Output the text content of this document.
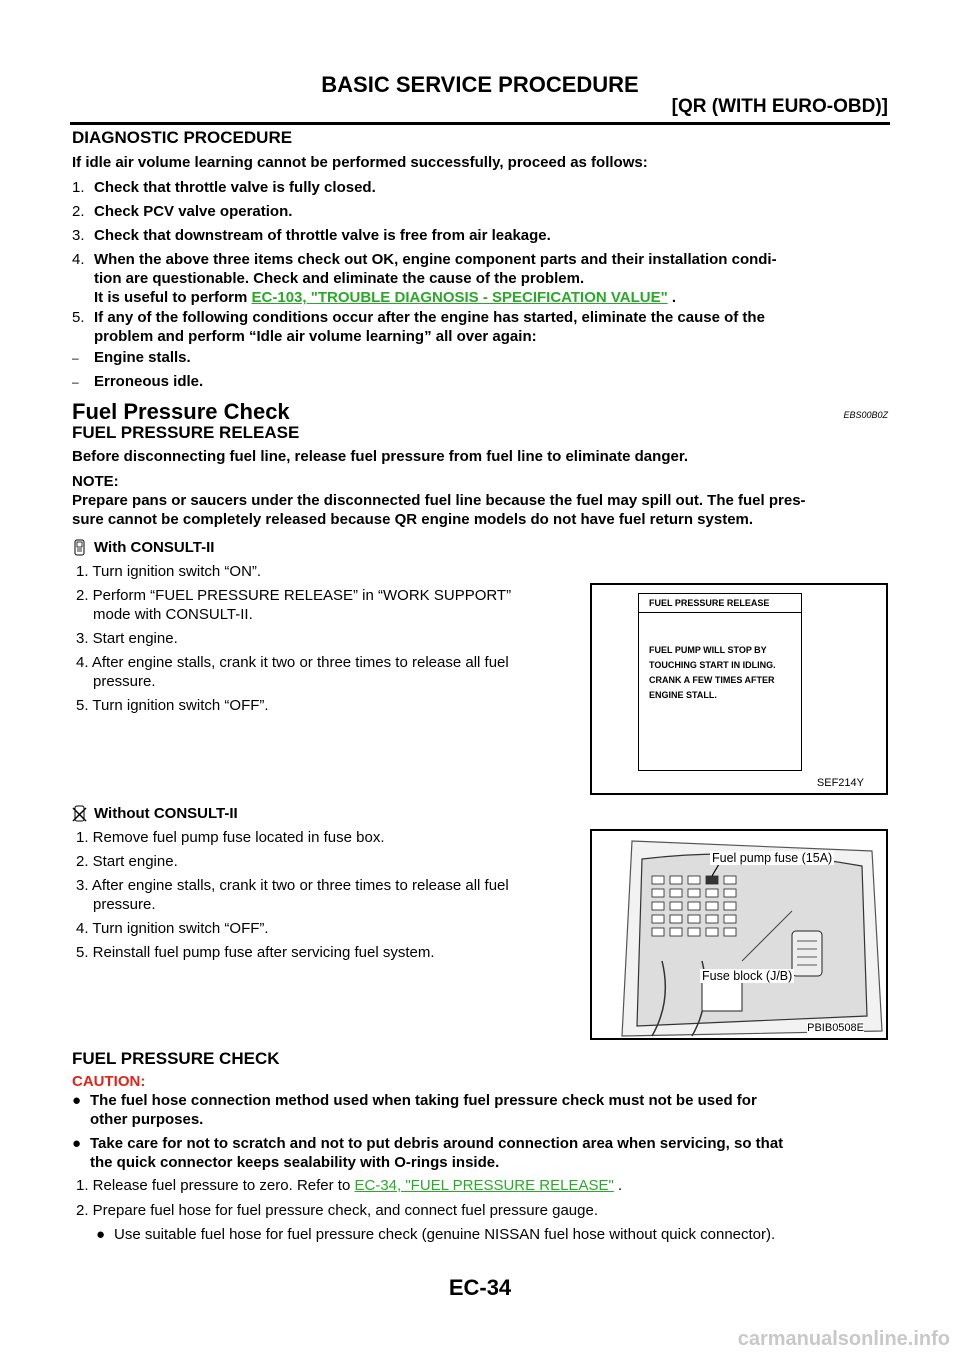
BASIC SERVICE PROCEDURE
[QR (WITH EURO-OBD)]
DIAGNOSTIC PROCEDURE
If idle air volume learning cannot be performed successfully, proceed as follows:
1. Check that throttle valve is fully closed.
2. Check PCV valve operation.
3. Check that downstream of throttle valve is free from air leakage.
4. When the above three items check out OK, engine component parts and their installation condi-
tion are questionable. Check and eliminate the cause of the problem.
It is useful to perform EC-103, "TROUBLE DIAGNOSIS - SPECIFICATION VALUE" .
5. If any of the following conditions occur after the engine has started, eliminate the cause of the
problem and perform “Idle air volume learning” all over again:
– Engine stalls.
– Erroneous idle.
Fuel Pressure Check	EBS00B0Z
FUEL PRESSURE RELEASE
Before disconnecting fuel line, release fuel pressure from fuel line to eliminate danger.
NOTE:
Prepare pans or saucers under the disconnected fuel line because the fuel may spill out. The fuel pres-
sure cannot be completely released because QR engine models do not have fuel return system.
With CONSULT-II
1. Turn ignition switch “ON”.
2. Perform “FUEL PRESSURE RELEASE” in “WORK SUPPORT”
mode with CONSULT-II.
3. Start engine.
4. After engine stalls, crank it two or three times to release all fuel
pressure.
5. Turn ignition switch “OFF”.
FUEL PRESSURE RELEASE
FUEL PUMP WILL STOP BY
TOUCHING START IN IDLING.
CRANK A FEW TIMES AFTER
ENGINE STALL.
SEF214Y
Without CONSULT-II
1. Remove fuel pump fuse located in fuse box.
2. Start engine.
3. After engine stalls, crank it two or three times to release all fuel
pressure.
4. Turn ignition switch “OFF”.
5. Reinstall fuel pump fuse after servicing fuel system.
Fuel pump fuse (15A)
Fuse block (J/B)
PBIB0508E
FUEL PRESSURE CHECK
CAUTION:
● The fuel hose connection method used when taking fuel pressure check must not be used for
other purposes.
● Take care for not to scratch and not to put debris around connection area when servicing, so that
the quick connector keeps sealability with O-rings inside.
1. Release fuel pressure to zero. Refer to EC-34, "FUEL PRESSURE RELEASE" .
2. Prepare fuel hose for fuel pressure check, and connect fuel pressure gauge.
● Use suitable fuel hose for fuel pressure check (genuine NISSAN fuel hose without quick connector).
EC-34
carmanualsonline.info
